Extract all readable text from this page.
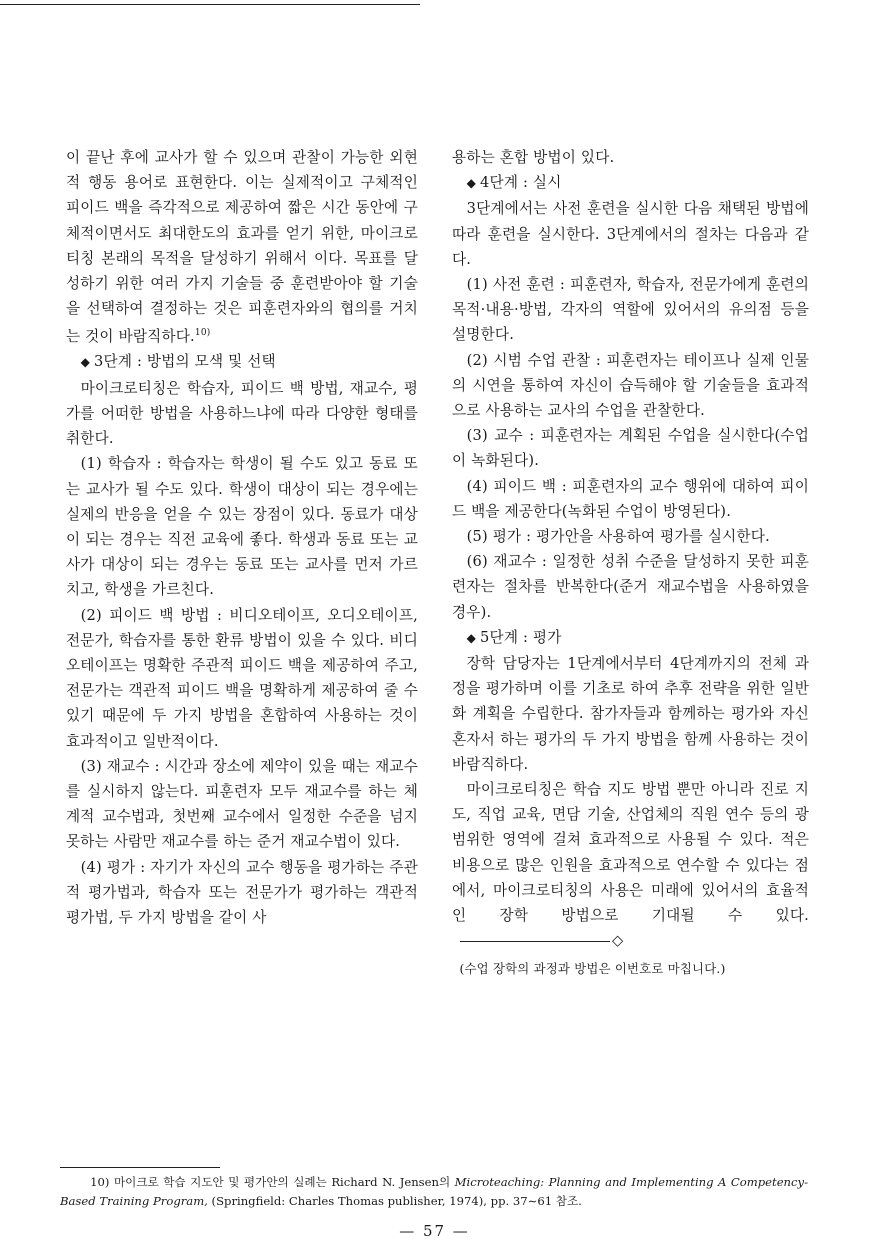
이 끝난 후에 교사가 할 수 있으며 관찰이 가능한 외현적 행동 용어로 표현한다. 이는 실제적이고 구체적인 피이드 백을 즉각적으로 제공하여 짧은 시간 동안에 구체적이면서도 최대한도의 효과를 얻기 위한, 마이크로티칭 본래의 목적을 달성하기 위해서 이다. 목표를 달성하기 위한 여러 가지 기술들 중 훈련받아야 할 기술을 선택하여 결정하는 것은 피훈련자와의 협의를 거치는 것이 바람직하다.$^{10)}$

◆ 3단계 : 방법의 모색 및 선택

마이크로티칭은 학습자, 피이드 백 방법, 재교수, 평가를 어떠한 방법을 사용하느냐에 따라 다양한 형태를 취한다.

(1) 학습자 : 학습자는 학생이 될 수도 있고 동료 또는 교사가 될 수도 있다. 학생이 대상이 되는 경우에는 실제의 반응을 얻을 수 있는 장점이 있다. 동료가 대상이 되는 경우는 직전 교육에 좋다. 학생과 동료 또는 교사가 대상이 되는 경우는 동료 또는 교사를 먼저 가르치고, 학생을 가르친다.

(2) 피이드 백 방법 : 비디오테이프, 오디오테이프, 전문가, 학습자를 통한 환류 방법이 있을 수 있다. 비디오테이프는 명확한 주관적 피이드 백을 제공하여 주고, 전문가는 객관적 피이드 백을 명확하게 제공하여 줄 수 있기 때문에 두 가지 방법을 혼합하여 사용하는 것이 효과적이고 일반적이다.

(3) 재교수 : 시간과 장소에 제약이 있을 때는 재교수를 실시하지 않는다. 피훈련자 모두 재교수를 하는 체계적 교수법과, 첫번째 교수에서 일정한 수준을 넘지 못하는 사람만 재교수를 하는 준거 재교수법이 있다.

(4) 평가 : 자기가 자신의 교수 행동을 평가하는 주관적 평가법과, 학습자 또는 전문가가 평가하는 객관적 평가법, 두 가지 방법을 같이 사

용하는 혼합 방법이 있다.

◆ 4단계 : 실시

3단계에서는 사전 훈련을 실시한 다음 채택된 방법에 따라 훈련을 실시한다. 3단계에서의 절차는 다음과 같다.

(1) 사전 훈련 : 피훈련자, 학습자, 전문가에게 훈련의 목적·내용·방법, 각자의 역할에 있어서의 유의점 등을 설명한다.

(2) 시범 수업 관찰 : 피훈련자는 테이프나 실제 인물의 시연을 통하여 자신이 습득해야 할 기술들을 효과적으로 사용하는 교사의 수업을 관찰한다.

(3) 교수 : 피훈련자는 계획된 수업을 실시한다(수업이 녹화된다).

(4) 피이드 백 : 피훈련자의 교수 행위에 대하여 피이드 백을 제공한다(녹화된 수업이 방영된다).

(5) 평가 : 평가안을 사용하여 평가를 실시한다.

(6) 재교수 : 일정한 성취 수준을 달성하지 못한 피훈련자는 절차를 반복한다(준거 재교수법을 사용하였을 경우).

◆ 5단계 : 평가

장학 담당자는 1단계에서부터 4단계까지의 전체 과정을 평가하며 이를 기초로 하여 추후 전략을 위한 일반화 계획을 수립한다. 참가자들과 함께하는 평가와 자신 혼자서 하는 평가의 두 가지 방법을 함께 사용하는 것이 바람직하다.

마이크로티칭은 학습 지도 방법 뿐만 아니라 진로 지도, 직업 교육, 면담 기술, 산업체의 직원 연수 등의 광범위한 영역에 걸쳐 효과적으로 사용될 수 있다. 적은 비용으로 많은 인원을 효과적으로 연수할 수 있다는 점에서, 마이크로티칭의 사용은 미래에 있어서의 효율적인 장학 방법으로 기대될 수 있다.◇

(수업 장학의 과정과 방법은 이번호로 마칩니다.)

10) 마이크로 학습 지도안 및 평가안의 실례는 Richard N. Jensen의 Microteaching: Planning and Implementing A Competency-Based Training Program, (Springfield: Charles Thomas publisher, 1974), pp. 37∼61 참조.
— 57 —
